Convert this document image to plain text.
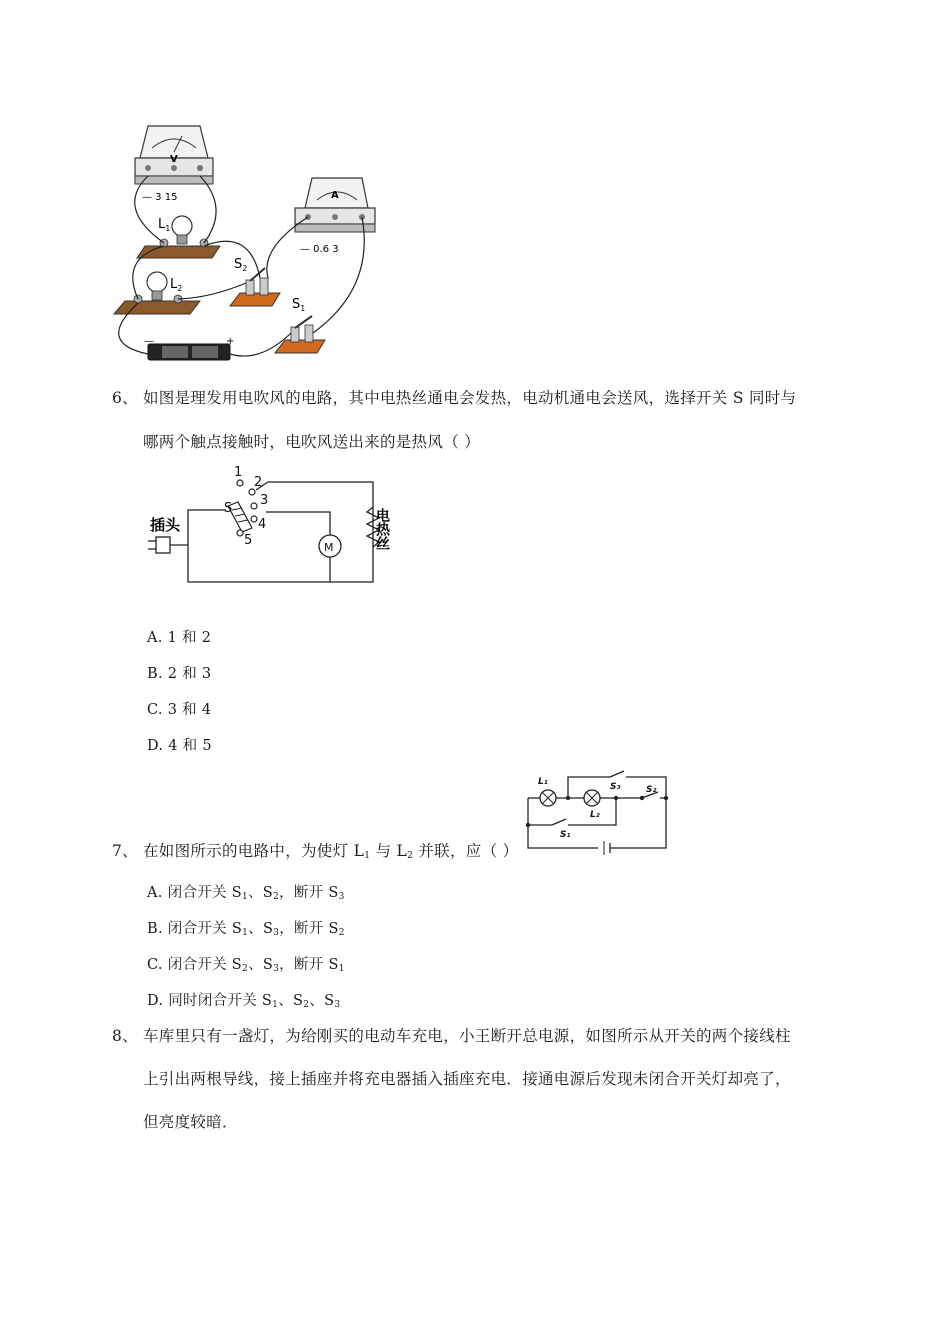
V
— 3 15	A
— 0.6 3
$L_1$
$L_2$
$S_2$
$S_1$
—	+
6、 如图是理发用电吹风的电路，其中电热丝通电会发热，电动机通电会送风，选择开关 S 同时与
哪两个触点接触时，电吹风送出来的是热风（ ）
1
2
3
4
5
S
M
插头	电热丝
A. 1 和 2
B. 2 和 3
C. 3 和 4
D. 4 和 5
L₁
L₂
S₁
S₂
S₃
7、 在如图所示的电路中，为使灯 $L_1$ 与 $L_2$ 并联，应（ ）
A. 闭合开关 $S_1$、$S_2$，断开 $S_3$
B. 闭合开关 $S_1$、$S_3$，断开 $S_2$
C. 闭合开关 $S_2$、$S_3$，断开 $S_1$
D. 同时闭合开关 $S_1$、$S_2$、$S_3$
8、 车库里只有一盏灯，为给刚买的电动车充电，小王断开总电源，如图所示从开关的两个接线柱
上引出两根导线，接上插座并将充电器插入插座充电．接通电源后发现未闭合开关灯却亮了，
但亮度较暗．
